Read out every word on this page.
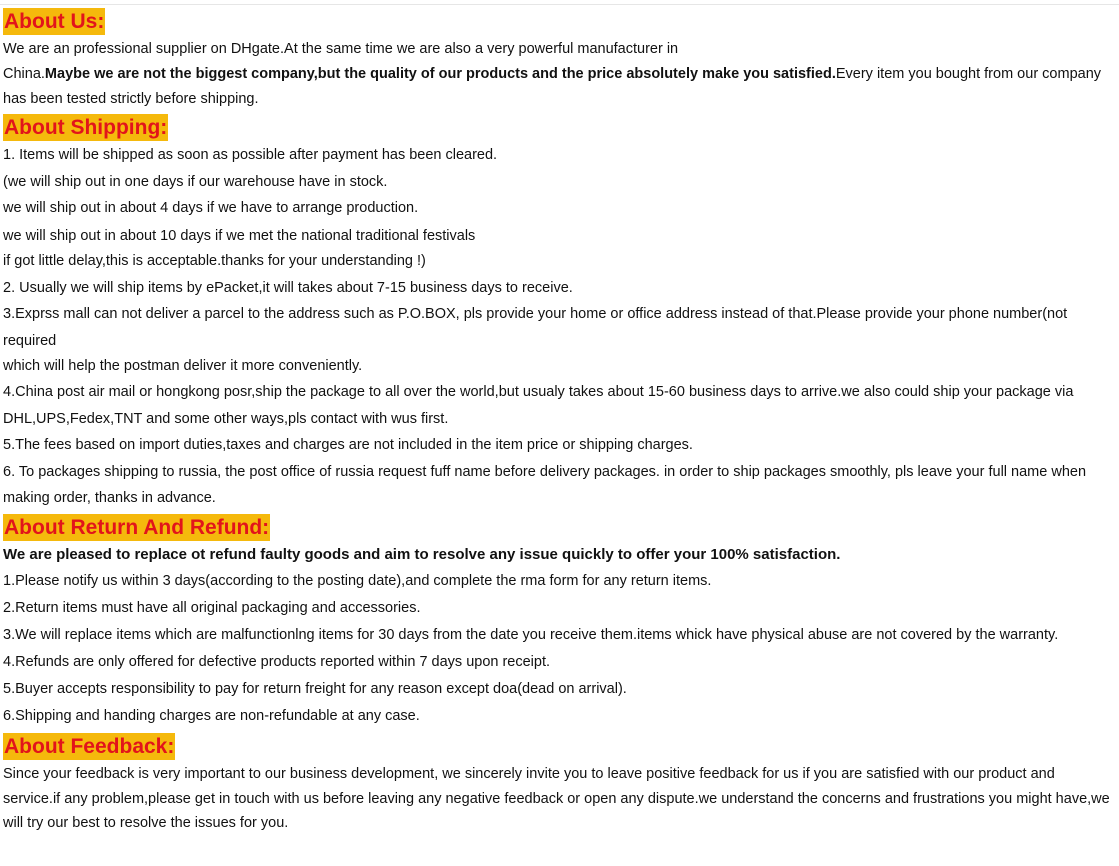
About Us:
We are an professional supplier on DHgate.At the same time we are also a very powerful manufacturer in
China.Maybe we are not the biggest company,but the quality of our products and the price absolutely make you satisfied.Every item you bought from our company has been tested strictly before shipping.
About Shipping:
1. Items will be shipped as soon as possible after payment has been cleared.
(we will ship out in one days if our warehouse have in stock.
we will ship out in about 4 days if we have to arrange production.
we will ship out in about 10 days if we met the national traditional festivals
if got little delay,this is acceptable.thanks for your understanding !)
2. Usually we will ship items by ePacket,it will takes about 7-15 business days to receive.
3.Exprss mall can not deliver a parcel to the address such as P.O.BOX, pls provide your home or office address instead of that.Please provide your phone number(not required
which will help the postman deliver it more conveniently.
4.China post air mail or hongkong posr,ship the package to all over the world,but usualy takes about 15-60 business days to arrive.we also could ship your package via DHL,UPS,Fedex,TNT and some other ways,pls contact with wus first.
5.The fees based on import duties,taxes and charges are not included in the item price or shipping charges.
6. To packages shipping to russia, the post office of russia request fuff name before delivery packages. in order to ship packages smoothly, pls leave your full name when making order, thanks in advance.
About Return And Refund:
We are pleased to replace ot refund faulty goods and aim to resolve any issue quickly to offer your 100% satisfaction.
1.Please notify us within 3 days(according to the posting date),and complete the rma form for any return items.
2.Return items must have all original packaging and accessories.
3.We will replace items which are malfunctionlng items for 30 days from the date you receive them.items whick have physical abuse are not covered by the warranty.
4.Refunds are only offered for defective products reported within 7 days upon receipt.
5.Buyer accepts responsibility to pay for return freight for any reason except doa(dead on arrival).
6.Shipping and handing charges are non-refundable at any case.
About Feedback:
Since your feedback is very important to our business development, we sincerely invite you to leave positive feedback for us if you are satisfied with our product and service.if any problem,please get in touch with us before leaving any negative feedback or open any dispute.we understand the concerns and frustrations you might have,we will try our best to resolve the issues for you.
